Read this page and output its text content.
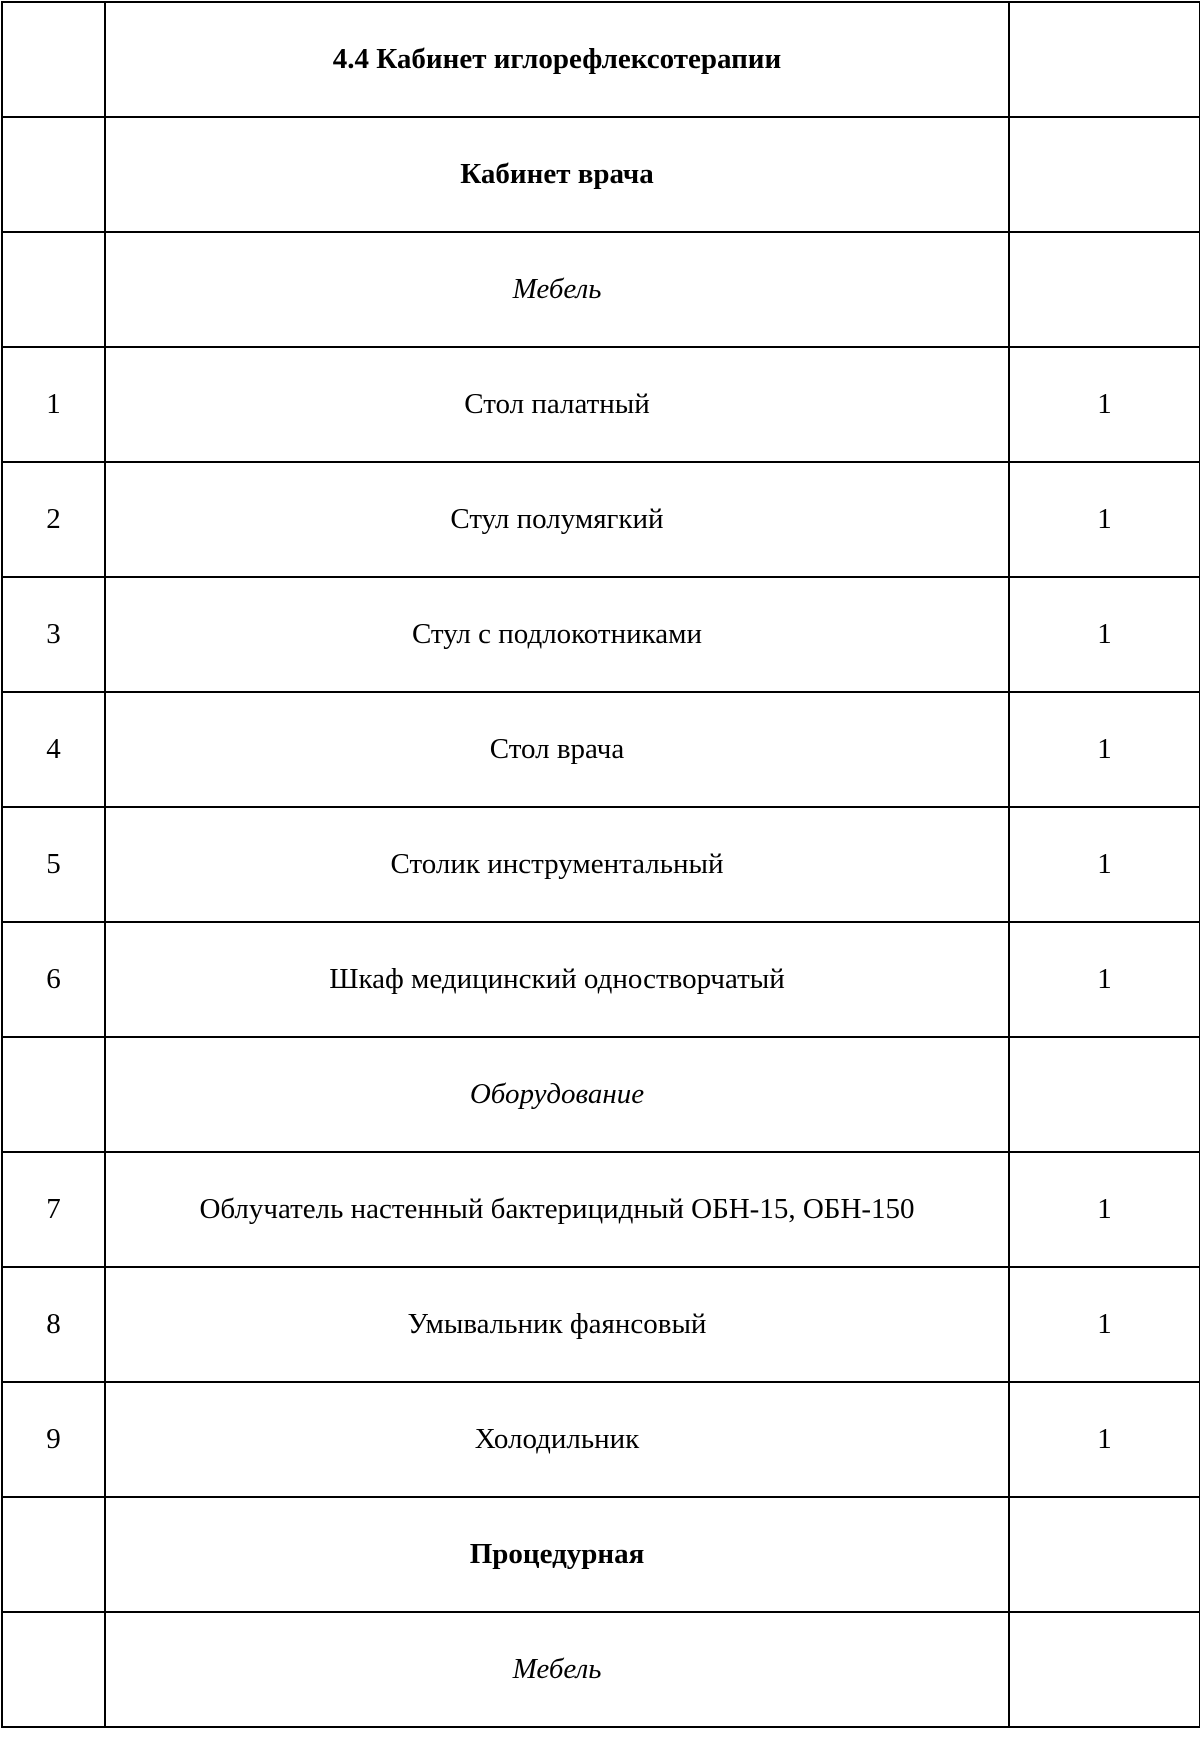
	4.4 Кабинет иглорефлексотерапии	
	Кабинет врача	
	Мебель	
1	Стол палатный	1
2	Стул полумягкий	1
3	Стул с подлокотниками	1
4	Стол врача	1
5	Столик инструментальный	1
6	Шкаф медицинский одностворчатый	1
	Оборудование	
7	Облучатель настенный бактерицидный ОБН-15, ОБН-150	1
8	Умывальник фаянсовый	1
9	Холодильник	1
	Процедурная	
	Мебель	
